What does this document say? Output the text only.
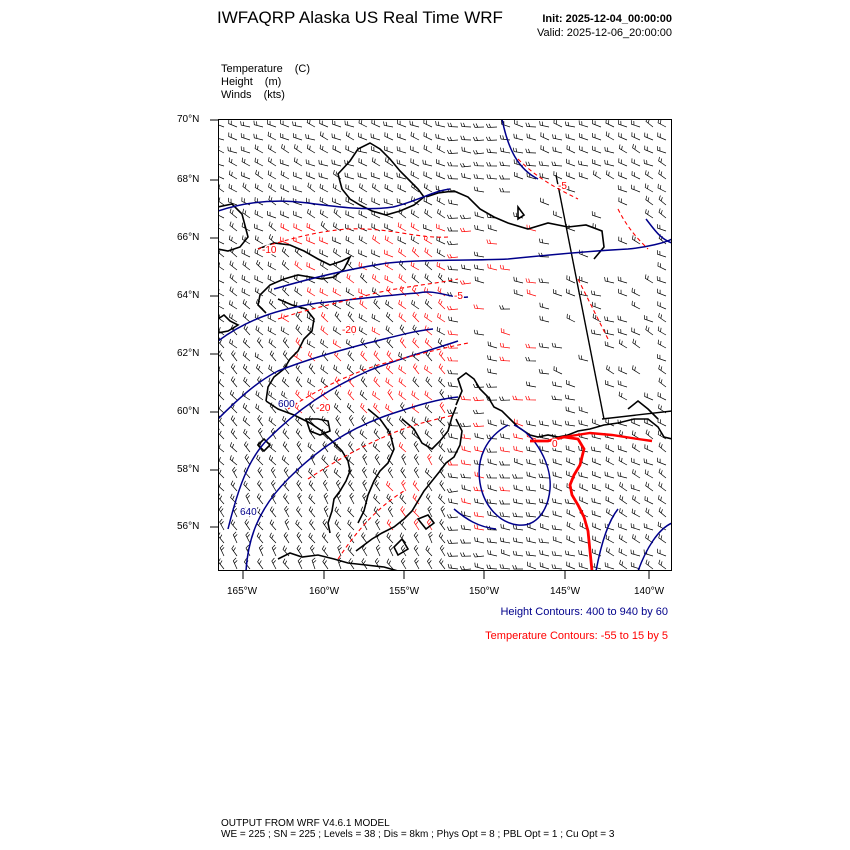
IWFAQRP Alaska US Real Time WRF	Init: 2025-12-04_00:00:00
Valid: 2025-12-06_20:00:00
Temperature (C)
Height (m)
Winds (kts)
600
640
-10
-20
-20
-5
-5
0
70°N
68°N
66°N
64°N
62°N
60°N
58°N
56°N
165°W	160°W	155°W	150°W	145°W	140°W
Height Contours: 400 to 940 by 60
Temperature Contours: -55 to 15 by 5
OUTPUT FROM WRF V4.6.1 MODEL
WE = 225 ; SN = 225 ; Levels = 38 ; Dis = 8km ; Phys Opt = 8 ; PBL Opt = 1 ; Cu Opt = 3
